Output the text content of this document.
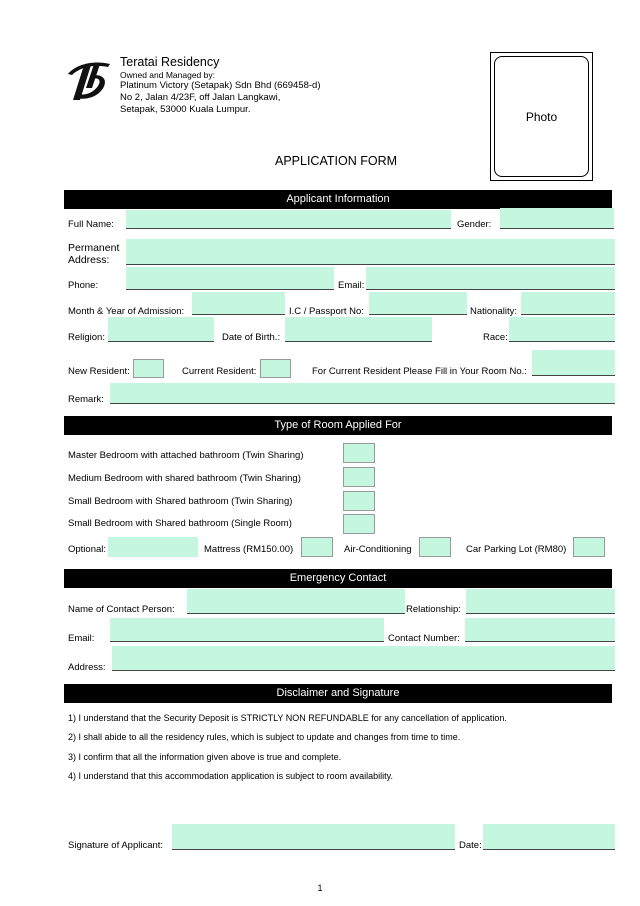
Teratai Residency
Owned and Managed by:
Platinum Victory (Setapak) Sdn Bhd (669458-d)
No 2, Jalan 4/23F, off Jalan Langkawi,
Setapak, 53000 Kuala Lumpur.
Photo
APPLICATION FORM
Applicant Information
Full Name:	Gender:
Permanent
Address:
Phone:	Email:
Month & Year of Admission:	I.C / Passport No:	Nationality:
Religion:	Date of Birth.:	Race:
New Resident:	Current Resident:	For Current Resident Please Fill in Your Room No.:
Remark:
Type of Room Applied For
Master Bedroom with attached bathroom (Twin Sharing)
Medium Bedroom with shared bathroom (Twin Sharing)
Small Bedroom with Shared bathroom (Twin Sharing)
Small Bedroom with Shared bathroom (Single Room)
Optional:	Mattress (RM150.00)	Air-Conditioning	Car Parking Lot (RM80)
Emergency Contact
Name of Contact Person:	Relationship:
Email:	Contact Number:
Address:
Disclaimer and Signature
1) I understand that the Security Deposit is STRICTLY NON REFUNDABLE for any cancellation of application.
2) I shall abide to all the residency rules, which is subject to update and changes from time to time.
3) I confirm that all the information given above is true and complete.
4) I understand that this accommodation application is subject to room availability.
Signature of Applicant:	Date:
1
